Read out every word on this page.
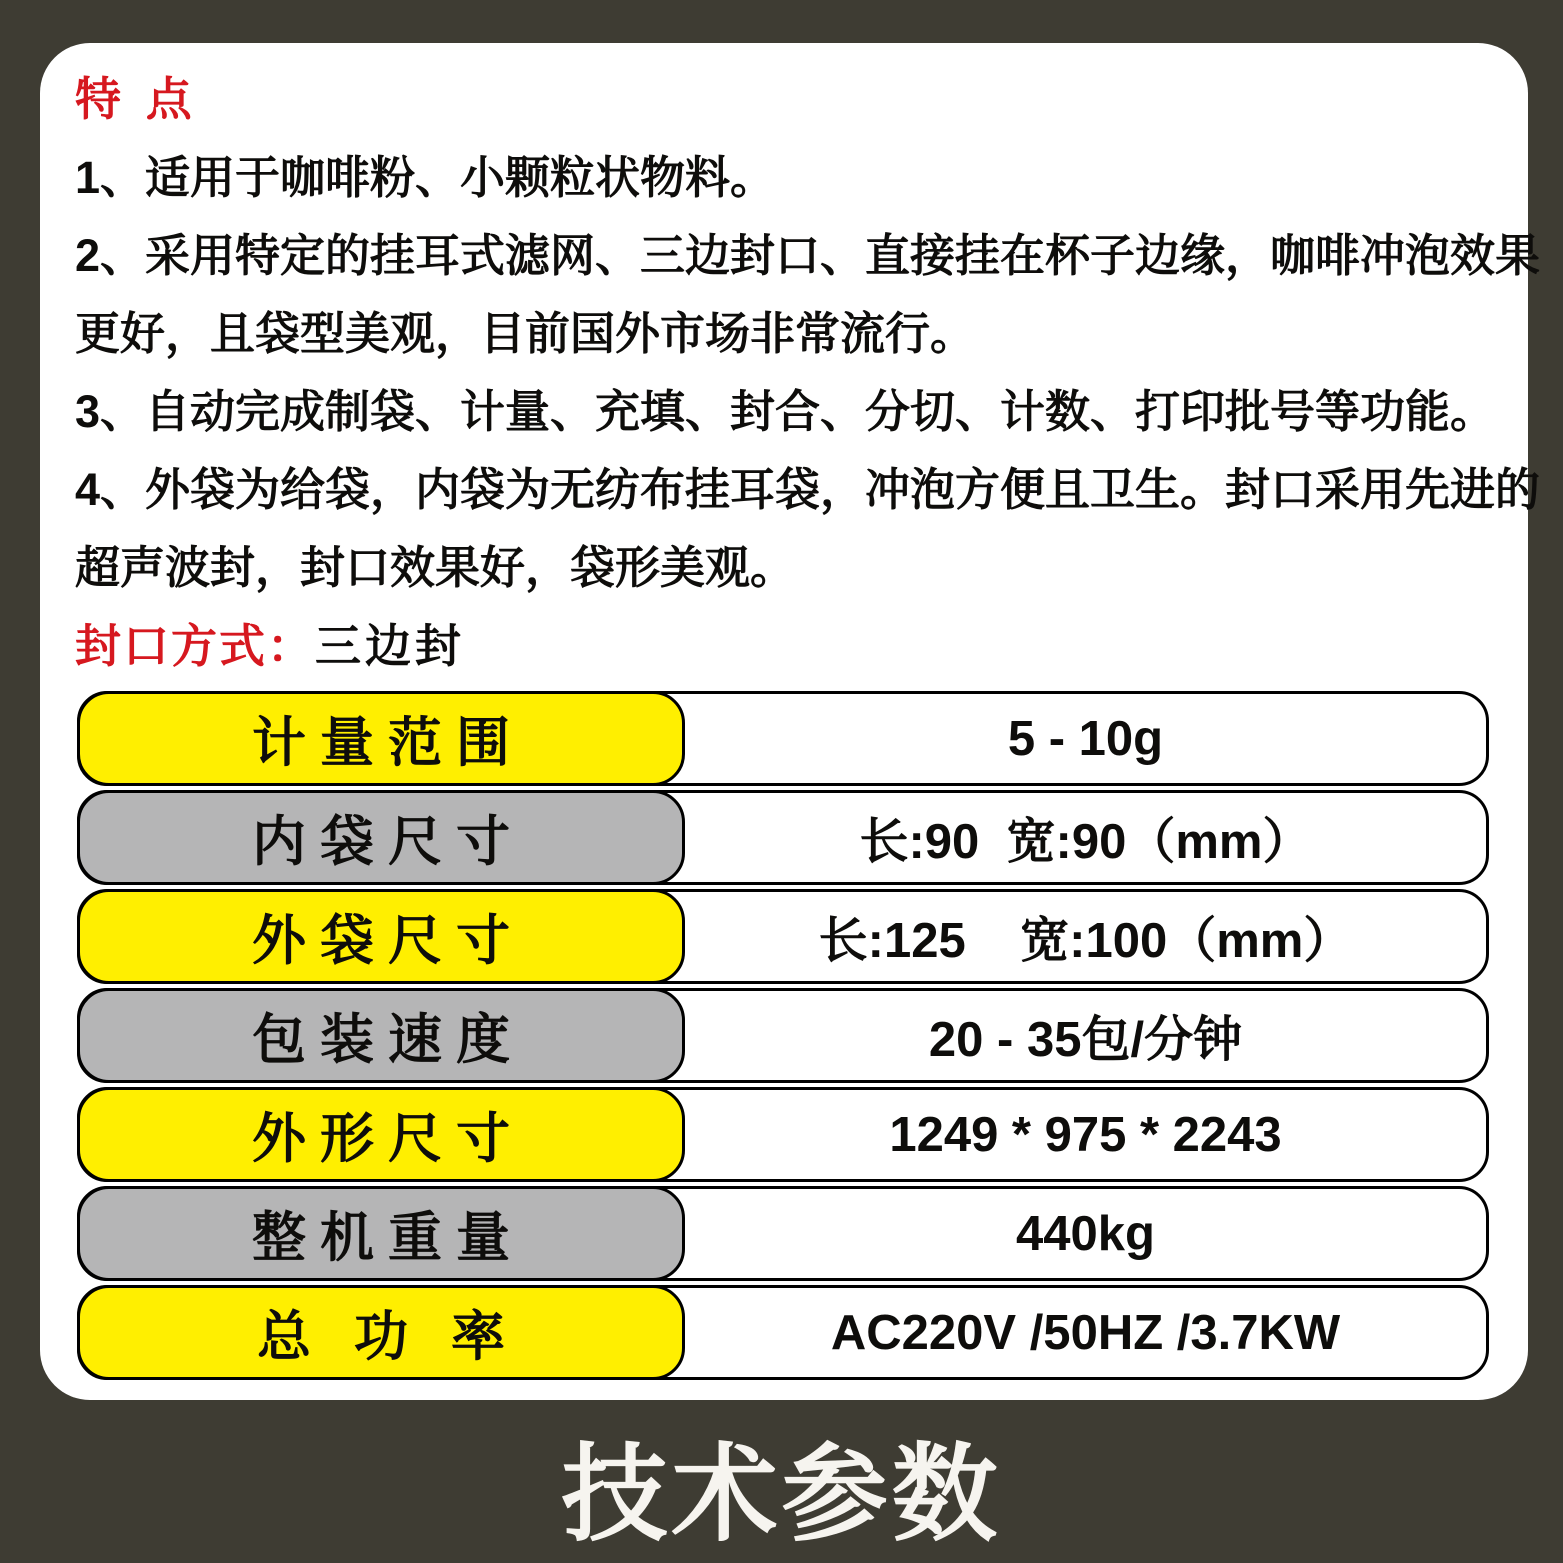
特 点
1、适用于咖啡粉、小颗粒状物料。
2、采用特定的挂耳式滤网、三边封口、直接挂在杯子边缘，咖啡冲泡效果
更好，且袋型美观，目前国外市场非常流行。
3、自动完成制袋、计量、充填、封合、分切、计数、打印批号等功能。
4、外袋为给袋，内袋为无纺布挂耳袋，冲泡方便且卫生。封口采用先进的
超声波封，封口效果好，袋形美观。
封口方式：三边封
计量范围	5 - 10g
内袋尺寸	长:90  宽:90（mm）
外袋尺寸	长:125    宽:100（mm）
包装速度	20 - 35包/分钟
外形尺寸	1249 * 975 * 2243
整机重量	440kg
总 功 率	AC220V /50HZ /3.7KW
技术参数
